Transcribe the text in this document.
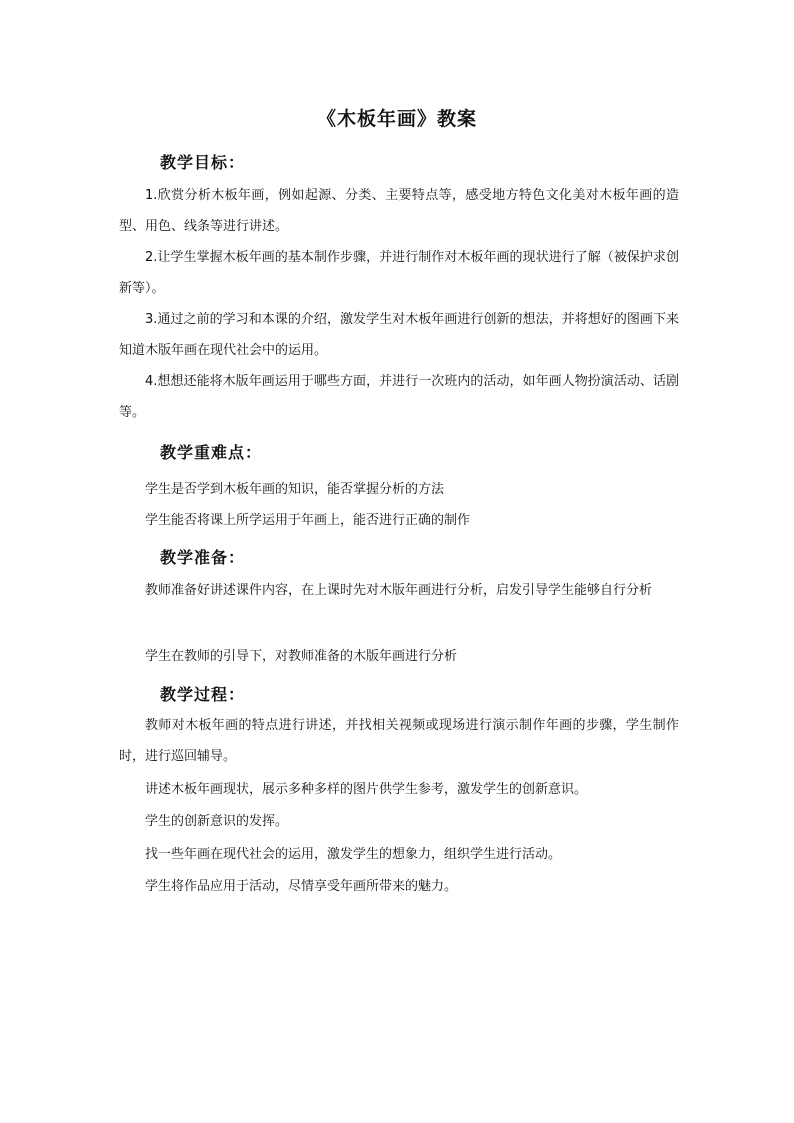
《木板年画》教案
教学目标：
1.欣赏分析木板年画，例如起源、分类、主要特点等，感受地方特色文化美对木板年画的造型、用色、线条等进行讲述。
2.让学生掌握木板年画的基本制作步骤，并进行制作对木板年画的现状进行了解（被保护求创新等）。
3.通过之前的学习和本课的介绍，激发学生对木板年画进行创新的想法，并将想好的图画下来知道木版年画在现代社会中的运用。
4.想想还能将木版年画运用于哪些方面，并进行一次班内的活动，如年画人物扮演活动、话剧等。
教学重难点：
学生是否学到木板年画的知识，能否掌握分析的方法
学生能否将课上所学运用于年画上，能否进行正确的制作
教学准备：
教师准备好讲述课件内容，在上课时先对木版年画进行分析，启发引导学生能够自行分析
学生在教师的引导下，对教师准备的木版年画进行分析
教学过程：
教师对木板年画的特点进行讲述，并找相关视频或现场进行演示制作年画的步骤，学生制作时，进行巡回辅导。
讲述木板年画现状，展示多种多样的图片供学生参考，激发学生的创新意识。
学生的创新意识的发挥。
找一些年画在现代社会的运用，激发学生的想象力，组织学生进行活动。
学生将作品应用于活动，尽情享受年画所带来的魅力。
